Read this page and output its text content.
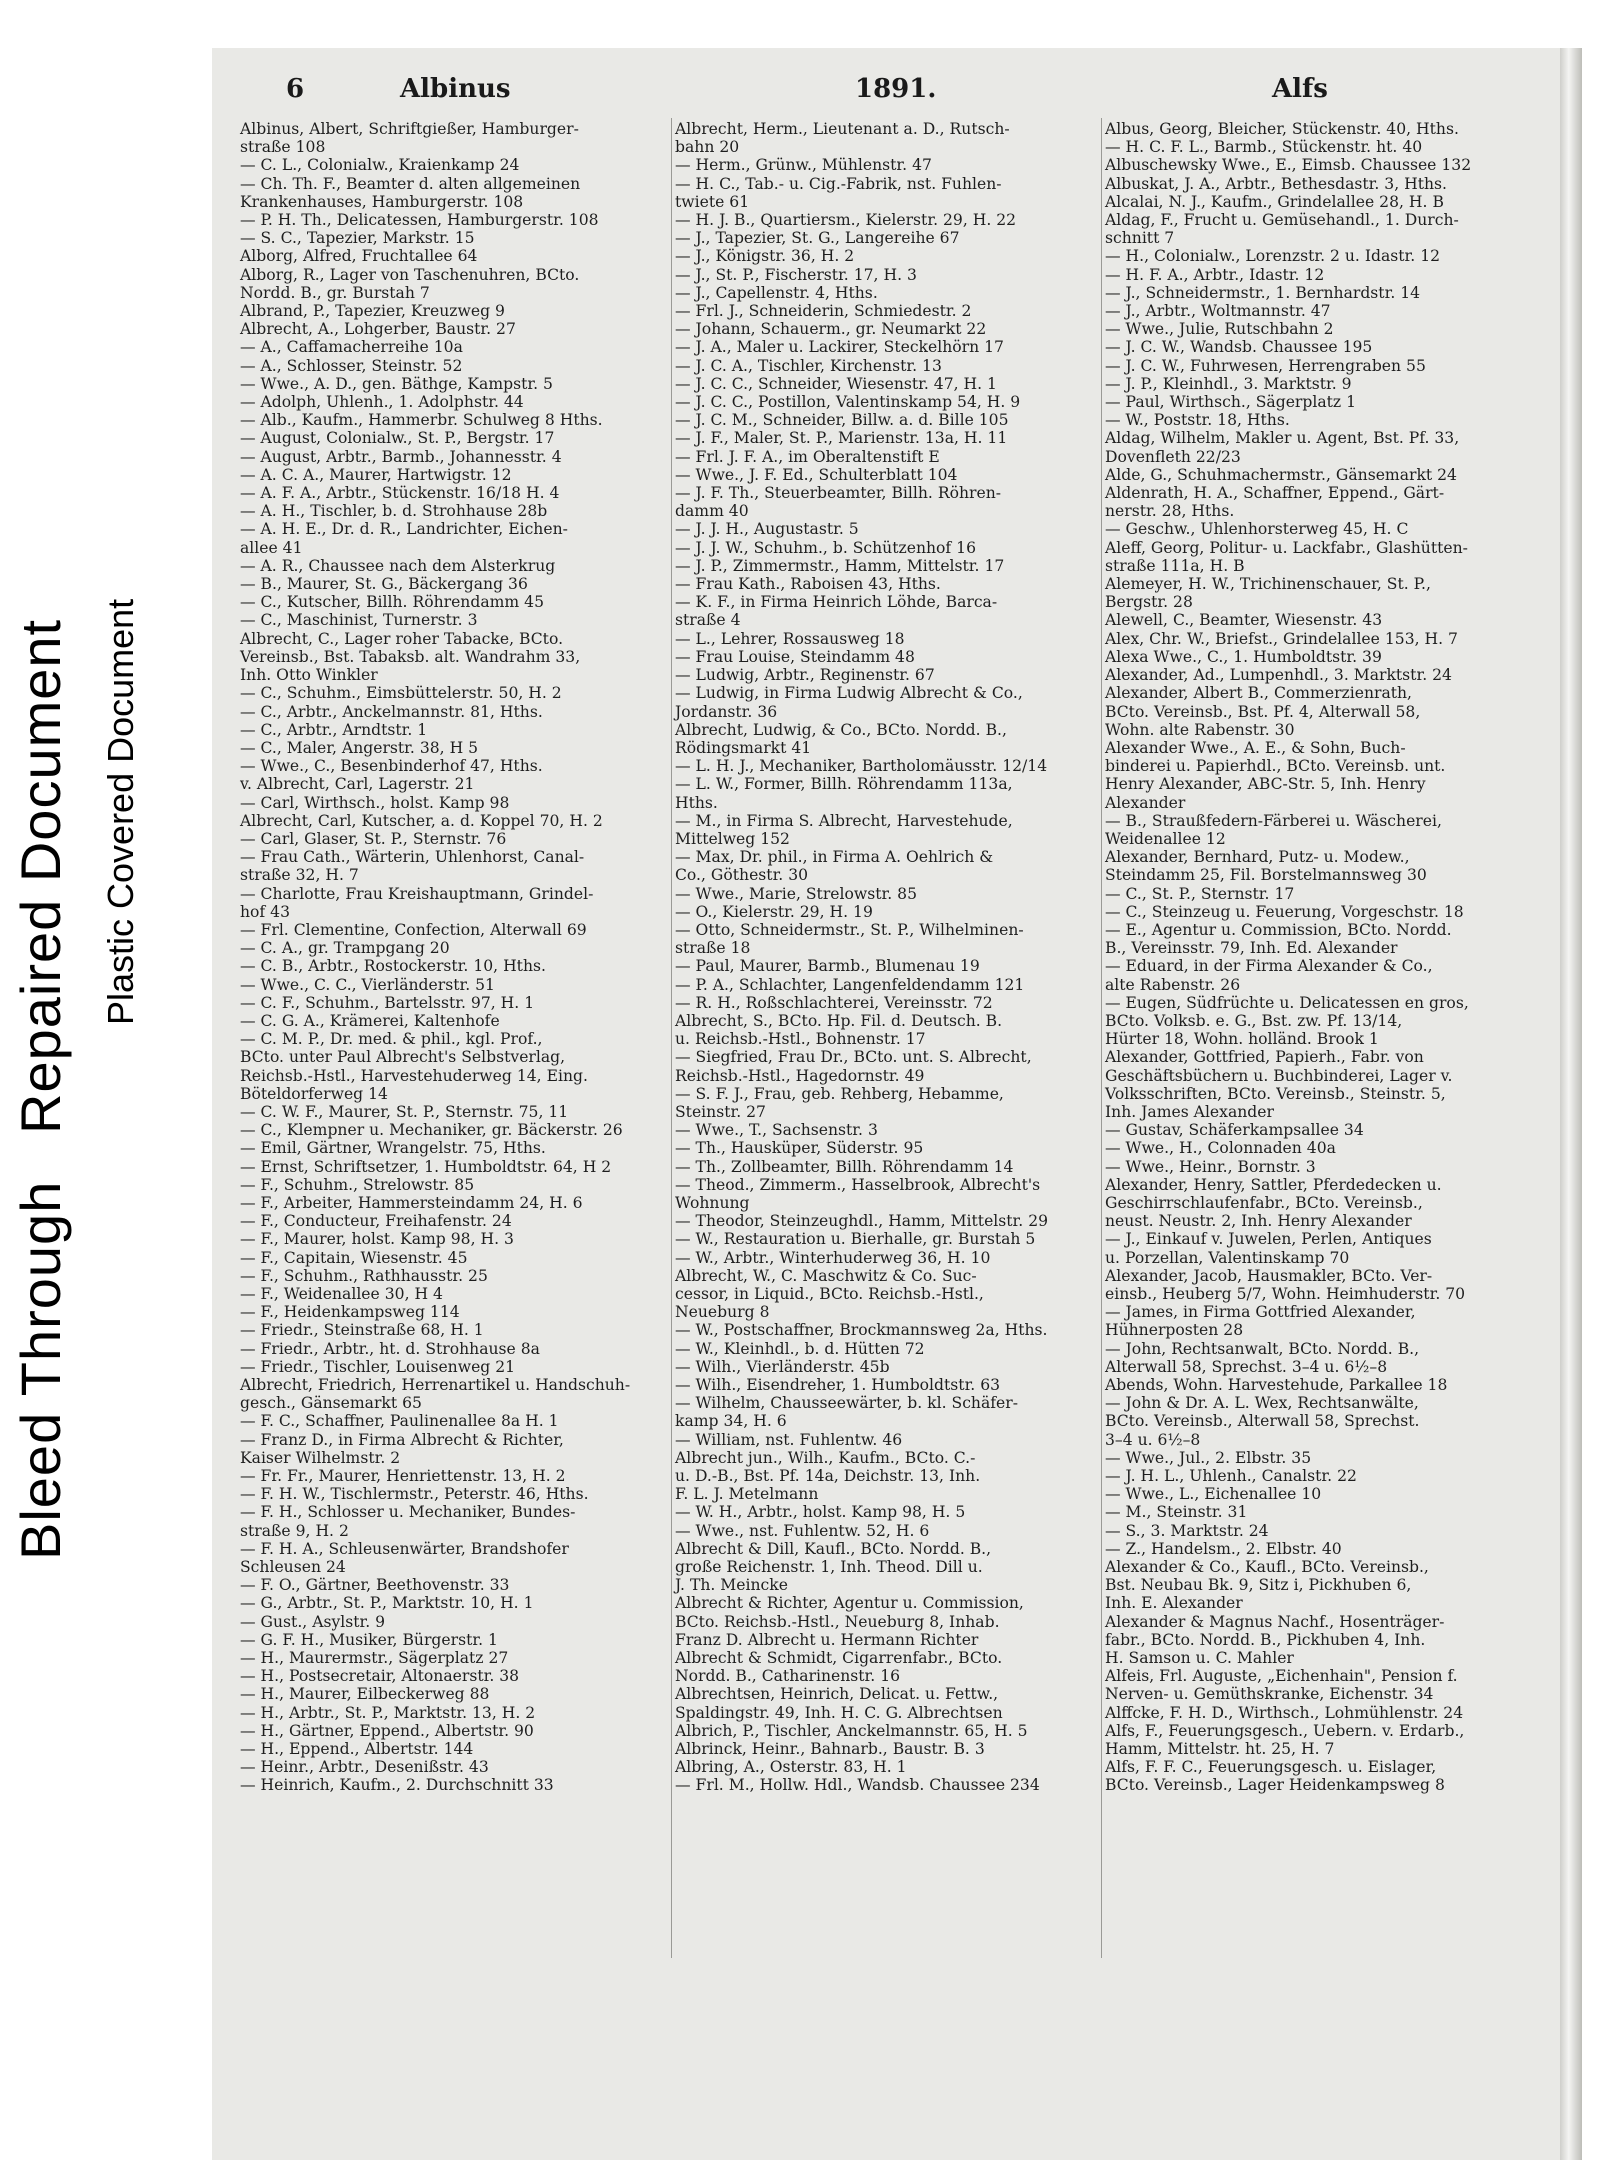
Bleed Through   Repaired Document Plastic Covered Document
6	Albinus	1891.	Alfs
Albinus, Albert, Schriftgießer, Hamburger-
straße 108
— C. L., Colonialw., Kraienkamp 24
— Ch. Th. F., Beamter d. alten allgemeinen
Krankenhauses, Hamburgerstr. 108
— P. H. Th., Delicatessen, Hamburgerstr. 108
— S. C., Tapezier, Markstr. 15
Alborg, Alfred, Fruchtallee 64
Alborg, R., Lager von Taschenuhren, BCto.
Nordd. B., gr. Burstah 7
Albrand, P., Tapezier, Kreuzweg 9
Albrecht, A., Lohgerber, Baustr. 27
— A., Caffamacherreihe 10a
— A., Schlosser, Steinstr. 52
— Wwe., A. D., gen. Bäthge, Kampstr. 5
— Adolph, Uhlenh., 1. Adolphstr. 44
— Alb., Kaufm., Hammerbr. Schulweg 8 Hths.
— August, Colonialw., St. P., Bergstr. 17
— August, Arbtr., Barmb., Johannesstr. 4
— A. C. A., Maurer, Hartwigstr. 12
— A. F. A., Arbtr., Stückenstr. 16/18 H. 4
— A. H., Tischler, b. d. Strohhause 28b
— A. H. E., Dr. d. R., Landrichter, Eichen-
allee 41
— A. R., Chaussee nach dem Alsterkrug
— B., Maurer, St. G., Bäckergang 36
— C., Kutscher, Billh. Röhrendamm 45
— C., Maschinist, Turnerstr. 3
Albrecht, C., Lager roher Tabacke, BCto.
Vereinsb., Bst. Tabaksb. alt. Wandrahm 33,
Inh. Otto Winkler
— C., Schuhm., Eimsbüttelerstr. 50, H. 2
— C., Arbtr., Anckelmannstr. 81, Hths.
— C., Arbtr., Arndtstr. 1
— C., Maler, Angerstr. 38, H 5
— Wwe., C., Besenbinderhof 47, Hths.
v. Albrecht, Carl, Lagerstr. 21
— Carl, Wirthsch., holst. Kamp 98
Albrecht, Carl, Kutscher, a. d. Koppel 70, H. 2
— Carl, Glaser, St. P., Sternstr. 76
— Frau Cath., Wärterin, Uhlenhorst, Canal-
straße 32, H. 7
— Charlotte, Frau Kreishauptmann, Grindel-
hof 43
— Frl. Clementine, Confection, Alterwall 69
— C. A., gr. Trampgang 20
— C. B., Arbtr., Rostockerstr. 10, Hths.
— Wwe., C. C., Vierländerstr. 51
— C. F., Schuhm., Bartelsstr. 97, H. 1
— C. G. A., Krämerei, Kaltenhofe
— C. M. P., Dr. med. & phil., kgl. Prof.,
BCto. unter Paul Albrecht's Selbstverlag,
Reichsb.-Hstl., Harvestehuderweg 14, Eing.
Böteldorferweg 14
— C. W. F., Maurer, St. P., Sternstr. 75, 11
— C., Klempner u. Mechaniker, gr. Bäckerstr. 26
— Emil, Gärtner, Wrangelstr. 75, Hths.
— Ernst, Schriftsetzer, 1. Humboldtstr. 64, H 2
— F., Schuhm., Strelowstr. 85
— F., Arbeiter, Hammersteindamm 24, H. 6
— F., Conducteur, Freihafenstr. 24
— F., Maurer, holst. Kamp 98, H. 3
— F., Capitain, Wiesenstr. 45
— F., Schuhm., Rathhausstr. 25
— F., Weidenallee 30, H 4
— F., Heidenkampsweg 114
— Friedr., Steinstraße 68, H. 1
— Friedr., Arbtr., ht. d. Strohhause 8a
— Friedr., Tischler, Louisenweg 21
Albrecht, Friedrich, Herrenartikel u. Handschuh-
gesch., Gänsemarkt 65
— F. C., Schaffner, Paulinenallee 8a H. 1
— Franz D., in Firma Albrecht & Richter,
Kaiser Wilhelmstr. 2
— Fr. Fr., Maurer, Henriettenstr. 13, H. 2
— F. H. W., Tischlermstr., Peterstr. 46, Hths.
— F. H., Schlosser u. Mechaniker, Bundes-
straße 9, H. 2
— F. H. A., Schleusenwärter, Brandshofer
Schleusen 24
— F. O., Gärtner, Beethovenstr. 33
— G., Arbtr., St. P., Marktstr. 10, H. 1
— Gust., Asylstr. 9
— G. F. H., Musiker, Bürgerstr. 1
— H., Maurermstr., Sägerplatz 27
— H., Postsecretair, Altonaerstr. 38
— H., Maurer, Eilbeckerweg 88
— H., Arbtr., St. P., Marktstr. 13, H. 2
— H., Gärtner, Eppend., Albertstr. 90
— H., Eppend., Albertstr. 144
— Heinr., Arbtr., Desenißstr. 43
— Heinrich, Kaufm., 2. Durchschnitt 33
Albrecht, Herm., Lieutenant a. D., Rutsch-
bahn 20
— Herm., Grünw., Mühlenstr. 47
— H. C., Tab.- u. Cig.-Fabrik, nst. Fuhlen-
twiete 61
— H. J. B., Quartiersm., Kielerstr. 29, H. 22
— J., Tapezier, St. G., Langereihe 67
— J., Königstr. 36, H. 2
— J., St. P., Fischerstr. 17, H. 3
— J., Capellenstr. 4, Hths.
— Frl. J., Schneiderin, Schmiedestr. 2
— Johann, Schauerm., gr. Neumarkt 22
— J. A., Maler u. Lackirer, Steckelhörn 17
— J. C. A., Tischler, Kirchenstr. 13
— J. C. C., Schneider, Wiesenstr. 47, H. 1
— J. C. C., Postillon, Valentinskamp 54, H. 9
— J. C. M., Schneider, Billw. a. d. Bille 105
— J. F., Maler, St. P., Marienstr. 13a, H. 11
— Frl. J. F. A., im Oberaltenstift E
— Wwe., J. F. Ed., Schulterblatt 104
— J. F. Th., Steuerbeamter, Billh. Röhren-
damm 40
— J. J. H., Augustastr. 5
— J. J. W., Schuhm., b. Schützenhof 16
— J. P., Zimmermstr., Hamm, Mittelstr. 17
— Frau Kath., Raboisen 43, Hths.
— K. F., in Firma Heinrich Löhde, Barca-
straße 4
— L., Lehrer, Rossausweg 18
— Frau Louise, Steindamm 48
— Ludwig, Arbtr., Reginenstr. 67
— Ludwig, in Firma Ludwig Albrecht & Co.,
Jordanstr. 36
Albrecht, Ludwig, & Co., BCto. Nordd. B.,
Rödingsmarkt 41
— L. H. J., Mechaniker, Bartholomäusstr. 12/14
— L. W., Former, Billh. Röhrendamm 113a,
Hths.
— M., in Firma S. Albrecht, Harvestehude,
Mittelweg 152
— Max, Dr. phil., in Firma A. Oehlrich &
Co., Göthestr. 30
— Wwe., Marie, Strelowstr. 85
— O., Kielerstr. 29, H. 19
— Otto, Schneidermstr., St. P., Wilhelminen-
straße 18
— Paul, Maurer, Barmb., Blumenau 19
— P. A., Schlachter, Langenfeldendamm 121
— R. H., Roßschlachterei, Vereinsstr. 72
Albrecht, S., BCto. Hp. Fil. d. Deutsch. B.
u. Reichsb.-Hstl., Bohnenstr. 17
— Siegfried, Frau Dr., BCto. unt. S. Albrecht,
Reichsb.-Hstl., Hagedornstr. 49
— S. F. J., Frau, geb. Rehberg, Hebamme,
Steinstr. 27
— Wwe., T., Sachsenstr. 3
— Th., Hausküper, Süderstr. 95
— Th., Zollbeamter, Billh. Röhrendamm 14
— Theod., Zimmerm., Hasselbrook, Albrecht's
Wohnung
— Theodor, Steinzeughdl., Hamm, Mittelstr. 29
— W., Restauration u. Bierhalle, gr. Burstah 5
— W., Arbtr., Winterhuderweg 36, H. 10
Albrecht, W., C. Maschwitz & Co. Suc-
cessor, in Liquid., BCto. Reichsb.-Hstl.,
Neueburg 8
— W., Postschaffner, Brockmannsweg 2a, Hths.
— W., Kleinhdl., b. d. Hütten 72
— Wilh., Vierländerstr. 45b
— Wilh., Eisendreher, 1. Humboldtstr. 63
— Wilhelm, Chausseewärter, b. kl. Schäfer-
kamp 34, H. 6
— William, nst. Fuhlentw. 46
Albrecht jun., Wilh., Kaufm., BCto. C.-
u. D.-B., Bst. Pf. 14a, Deichstr. 13, Inh.
F. L. J. Metelmann
— W. H., Arbtr., holst. Kamp 98, H. 5
— Wwe., nst. Fuhlentw. 52, H. 6
Albrecht & Dill, Kaufl., BCto. Nordd. B.,
große Reichenstr. 1, Inh. Theod. Dill u.
J. Th. Meincke
Albrecht & Richter, Agentur u. Commission,
BCto. Reichsb.-Hstl., Neueburg 8, Inhab.
Franz D. Albrecht u. Hermann Richter
Albrecht & Schmidt, Cigarrenfabr., BCto.
Nordd. B., Catharinenstr. 16
Albrechtsen, Heinrich, Delicat. u. Fettw.,
Spaldingstr. 49, Inh. H. C. G. Albrechtsen
Albrich, P., Tischler, Anckelmannstr. 65, H. 5
Albrinck, Heinr., Bahnarb., Baustr. B. 3
Albring, A., Osterstr. 83, H. 1
— Frl. M., Hollw. Hdl., Wandsb. Chaussee 234
Albus, Georg, Bleicher, Stückenstr. 40, Hths.
— H. C. F. L., Barmb., Stückenstr. ht. 40
Albuschewsky Wwe., E., Eimsb. Chaussee 132
Albuskat, J. A., Arbtr., Bethesdastr. 3, Hths.
Alcalai, N. J., Kaufm., Grindelallee 28, H. B
Aldag, F., Frucht u. Gemüsehandl., 1. Durch-
schnitt 7
— H., Colonialw., Lorenzstr. 2 u. Idastr. 12
— H. F. A., Arbtr., Idastr. 12
— J., Schneidermstr., 1. Bernhardstr. 14
— J., Arbtr., Woltmannstr. 47
— Wwe., Julie, Rutschbahn 2
— J. C. W., Wandsb. Chaussee 195
— J. C. W., Fuhrwesen, Herrengraben 55
— J. P., Kleinhdl., 3. Marktstr. 9
— Paul, Wirthsch., Sägerplatz 1
— W., Poststr. 18, Hths.
Aldag, Wilhelm, Makler u. Agent, Bst. Pf. 33,
Dovenfleth 22/23
Alde, G., Schuhmachermstr., Gänsemarkt 24
Aldenrath, H. A., Schaffner, Eppend., Gärt-
nerstr. 28, Hths.
— Geschw., Uhlenhorsterweg 45, H. C
Aleff, Georg, Politur- u. Lackfabr., Glashütten-
straße 111a, H. B
Alemeyer, H. W., Trichinenschauer, St. P.,
Bergstr. 28
Alewell, C., Beamter, Wiesenstr. 43
Alex, Chr. W., Briefst., Grindelallee 153, H. 7
Alexa Wwe., C., 1. Humboldtstr. 39
Alexander, Ad., Lumpenhdl., 3. Marktstr. 24
Alexander, Albert B., Commerzienrath,
BCto. Vereinsb., Bst. Pf. 4, Alterwall 58,
Wohn. alte Rabenstr. 30
Alexander Wwe., A. E., & Sohn, Buch-
binderei u. Papierhdl., BCto. Vereinsb. unt.
Henry Alexander, ABC-Str. 5, Inh. Henry
Alexander
— B., Straußfedern-Färberei u. Wäscherei,
Weidenallee 12
Alexander, Bernhard, Putz- u. Modew.,
Steindamm 25, Fil. Borstelmannsweg 30
— C., St. P., Sternstr. 17
— C., Steinzeug u. Feuerung, Vorgeschstr. 18
— E., Agentur u. Commission, BCto. Nordd.
B., Vereinsstr. 79, Inh. Ed. Alexander
— Eduard, in der Firma Alexander & Co.,
alte Rabenstr. 26
— Eugen, Südfrüchte u. Delicatessen en gros,
BCto. Volksb. e. G., Bst. zw. Pf. 13/14,
Hürter 18, Wohn. holländ. Brook 1
Alexander, Gottfried, Papierh., Fabr. von
Geschäftsbüchern u. Buchbinderei, Lager v.
Volksschriften, BCto. Vereinsb., Steinstr. 5,
Inh. James Alexander
— Gustav, Schäferkampsallee 34
— Wwe., H., Colonnaden 40a
— Wwe., Heinr., Bornstr. 3
Alexander, Henry, Sattler, Pferdedecken u.
Geschirrschlaufenfabr., BCto. Vereinsb.,
neust. Neustr. 2, Inh. Henry Alexander
— J., Einkauf v. Juwelen, Perlen, Antiques
u. Porzellan, Valentinskamp 70
Alexander, Jacob, Hausmakler, BCto. Ver-
einsb., Heuberg 5/7, Wohn. Heimhuderstr. 70
— James, in Firma Gottfried Alexander,
Hühnerposten 28
— John, Rechtsanwalt, BCto. Nordd. B.,
Alterwall 58, Sprechst. 3–4 u. 6½–8
Abends, Wohn. Harvestehude, Parkallee 18
— John & Dr. A. L. Wex, Rechtsanwälte,
BCto. Vereinsb., Alterwall 58, Sprechst.
3–4 u. 6½–8
— Wwe., Jul., 2. Elbstr. 35
— J. H. L., Uhlenh., Canalstr. 22
— Wwe., L., Eichenallee 10
— M., Steinstr. 31
— S., 3. Marktstr. 24
— Z., Handelsm., 2. Elbstr. 40
Alexander & Co., Kaufl., BCto. Vereinsb.,
Bst. Neubau Bk. 9, Sitz i, Pickhuben 6,
Inh. E. Alexander
Alexander & Magnus Nachf., Hosenträger-
fabr., BCto. Nordd. B., Pickhuben 4, Inh.
H. Samson u. C. Mahler
Alfeis, Frl. Auguste, „Eichenhain", Pension f.
Nerven- u. Gemüthskranke, Eichenstr. 34
Alffcke, F. H. D., Wirthsch., Lohmühlenstr. 24
Alfs, F., Feuerungsgesch., Uebern. v. Erdarb.,
Hamm, Mittelstr. ht. 25, H. 7
Alfs, F. F. C., Feuerungsgesch. u. Eislager,
BCto. Vereinsb., Lager Heidenkampsweg 8
